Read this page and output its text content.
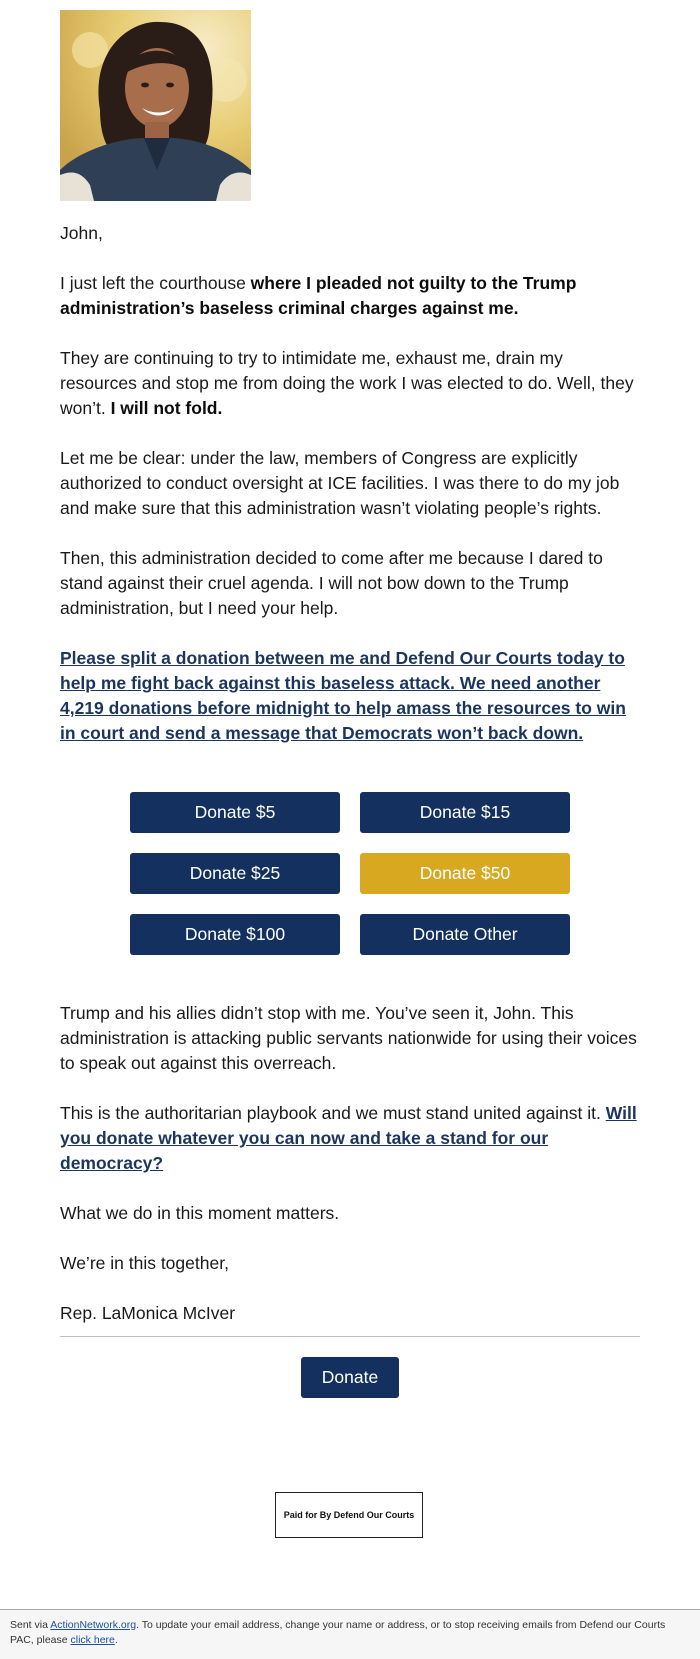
John,

I just left the courthouse where I pleaded not guilty to the Trump administration’s baseless criminal charges against me.

They are continuing to try to intimidate me, exhaust me, drain my resources and stop me from doing the work I was elected to do. Well, they won’t. I will not fold.

Let me be clear: under the law, members of Congress are explicitly authorized to conduct oversight at ICE facilities. I was there to do my job and make sure that this administration wasn’t violating people’s rights.

Then, this administration decided to come after me because I dared to stand against their cruel agenda. I will not bow down to the Trump administration, but I need your help.

Please split a donation between me and Defend Our Courts today to help me fight back against this baseless attack. We need another 4,219 donations before midnight to help amass the resources to win in court and send a message that Democrats won’t back down.

Donate $5	Donate $15
Donate $25	Donate $50
Donate $100	Donate Other

Trump and his allies didn’t stop with me. You’ve seen it, John. This administration is attacking public servants nationwide for using their voices to speak out against this overreach.

This is the authoritarian playbook and we must stand united against it. Will you donate whatever you can now and take a stand for our democracy?

What we do in this moment matters.

We’re in this together,

Rep. LaMonica McIver

Donate
Paid for By Defend Our Courts
Sent via ActionNetwork.org. To update your email address, change your name or address, or to stop receiving emails from Defend our Courts PAC, please click here.
